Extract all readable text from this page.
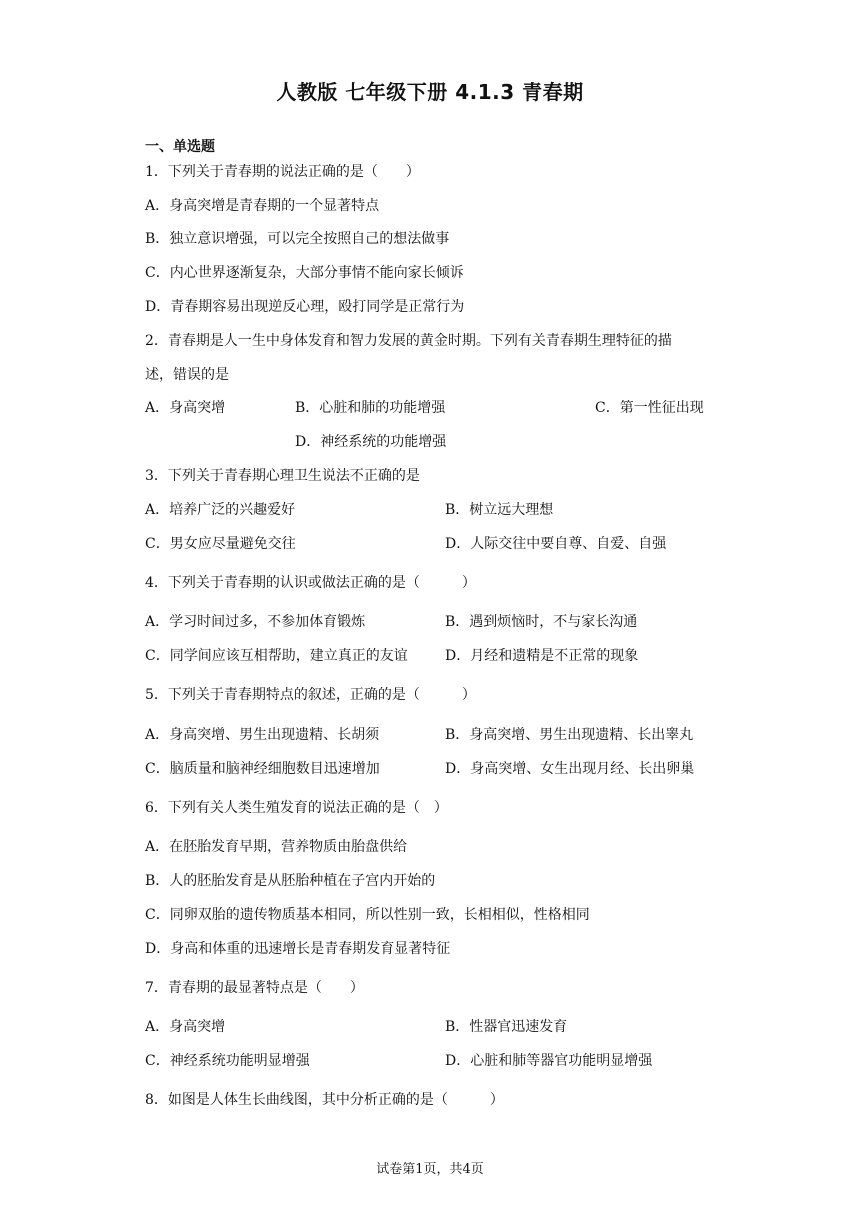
人教版 七年级下册 4.1.3 青春期
一、单选题
1．下列关于青春期的说法正确的是（　　）
A．身高突增是青春期的一个显著特点
B．独立意识增强，可以完全按照自己的想法做事
C．内心世界逐渐复杂，大部分事情不能向家长倾诉
D．青春期容易出现逆反心理，殴打同学是正常行为
2．青春期是人一生中身体发育和智力发展的黄金时期。下列有关青春期生理特征的描
述，错误的是
A．身高突增	B．心脏和肺的功能增强	C．第一性征出现
D．神经系统的功能增强
3．下列关于青春期心理卫生说法不正确的是
A．培养广泛的兴趣爱好	B．树立远大理想
C．男女应尽量避免交往	D．人际交往中要自尊、自爱、自强
4．下列关于青春期的认识或做法正确的是（　　　）
A．学习时间过多，不参加体育锻炼	B．遇到烦恼时，不与家长沟通
C．同学间应该互相帮助，建立真正的友谊	D．月经和遗精是不正常的现象
5．下列关于青春期特点的叙述，正确的是（　　　）
A．身高突增、男生出现遗精、长胡须	B．身高突增、男生出现遗精、长出睾丸
C．脑质量和脑神经细胞数目迅速增加	D．身高突增、女生出现月经、长出卵巢
6．下列有关人类生殖发育的说法正确的是（　）
A．在胚胎发育早期，营养物质由胎盘供给
B．人的胚胎发育是从胚胎种植在子宫内开始的
C．同卵双胎的遗传物质基本相同，所以性别一致，长相相似，性格相同
D．身高和体重的迅速增长是青春期发育显著特征
7．青春期的最显著特点是（　　）
A．身高突增	B．性器官迅速发育
C．神经系统功能明显增强	D．心脏和肺等器官功能明显增强
8．如图是人体生长曲线图，其中分析正确的是（　　　）
试卷第1页，共4页
